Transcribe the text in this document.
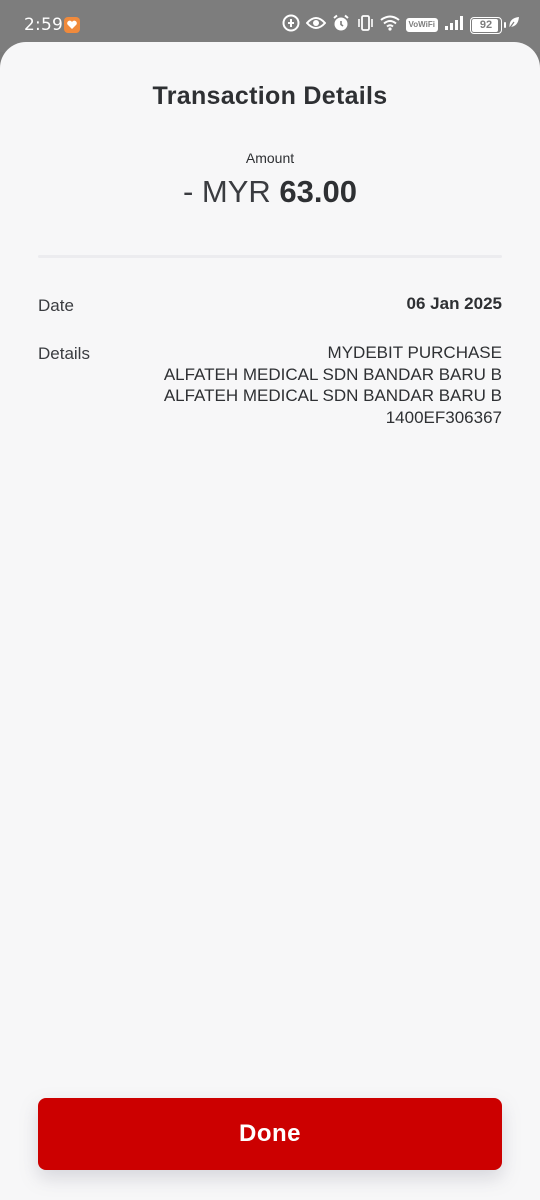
2:59	VoWiFi	92
Transaction Details
Amount
- MYR 63.00
Date	06 Jan 2025
Details	MYDEBIT PURCHASE
ALFATEH MEDICAL SDN BANDAR BARU B
ALFATEH MEDICAL SDN BANDAR BARU B
1400EF306367
Done
